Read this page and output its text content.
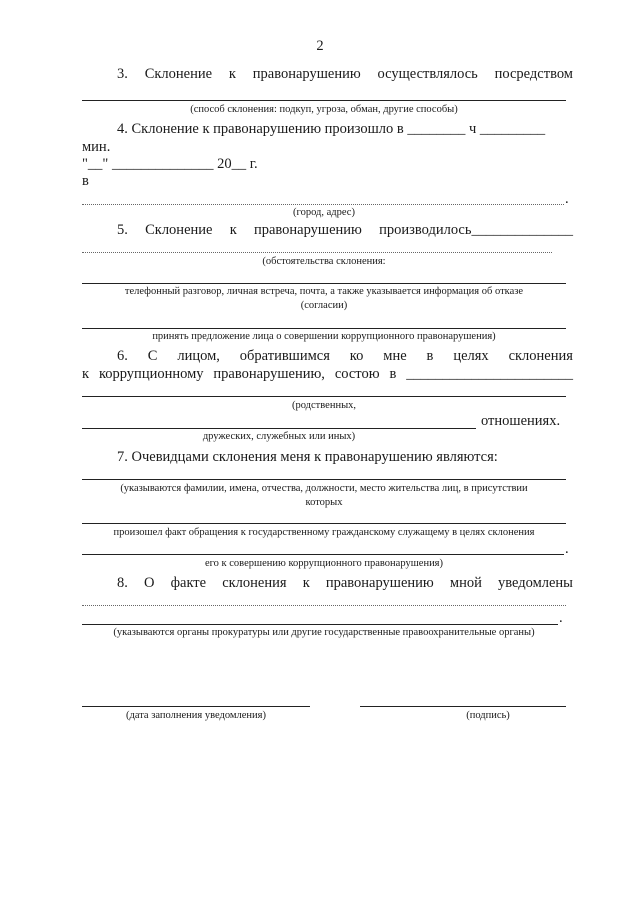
2
3. Склонение к правонарушению осуществлялось посредством
(способ склонения: подкуп, угроза, обман, другие способы)
4. Склонение к правонарушению произошло в ________ ч _________
мин.
"__" ______________ 20__ г.
в
.
(город, адрес)
5. Склонение к правонарушению производилось______________
(обстоятельства склонения:
телефонный разговор, личная встреча, почта, а также указывается информация об отказе
(согласии)
принять предложение лица о совершении коррупционного правонарушения)
6. С лицом, обратившимся ко мне в целях склонения
к коррупционному правонарушению, состою в _______________________
(родственных,
отношениях.
дружеских, служебных или иных)
7. Очевидцами склонения меня к правонарушению являются:
(указываются фамилии, имена, отчества, должности, место жительства лиц, в присутствии
которых
произошел факт обращения к государственному гражданскому служащему в целях склонения
.
его к совершению коррупционного правонарушения)
8. О факте склонения к правонарушению мной уведомлены
.
(указываются органы прокуратуры или другие государственные правоохранительные органы)
(дата заполнения уведомления)	(подпись)
